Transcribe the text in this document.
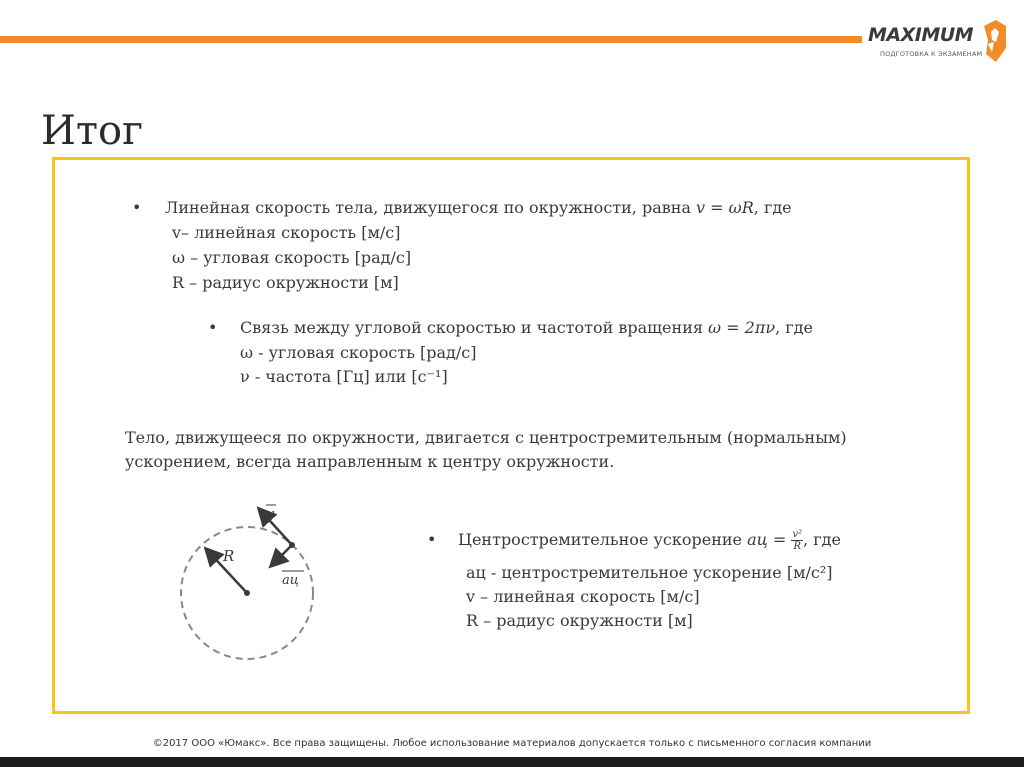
MAXIMUM
ПОДГОТОВКА К ЭКЗАМЕНАМ
Итог
• Линейная скорость тела, движущегося по окружности, равна v = ωR, где
v– линейная скорость [м/с]
ω – угловая скорость [рад/с]
R – радиус окружности [м]
• Связь между угловой скоростью и частотой вращения ω = 2πν, где
ω - угловая скорость [рад/с]
ν - частота [Гц] или [c⁻¹]
Тело, движущееся по окружности, двигается с центростремительным (нормальным)
ускорением, всегда направленным к центру окружности.
v
R
aц
• Центростремительное ускорение aц = $\frac{\text{v²}}{R}$ , где
aц - центростремительное ускорение [м/с²]
v – линейная скорость [м/с]
R – радиус окружности [м]
©2017 ООО «Юмакс». Все права защищены. Любое использование материалов допускается только с письменного согласия компании
